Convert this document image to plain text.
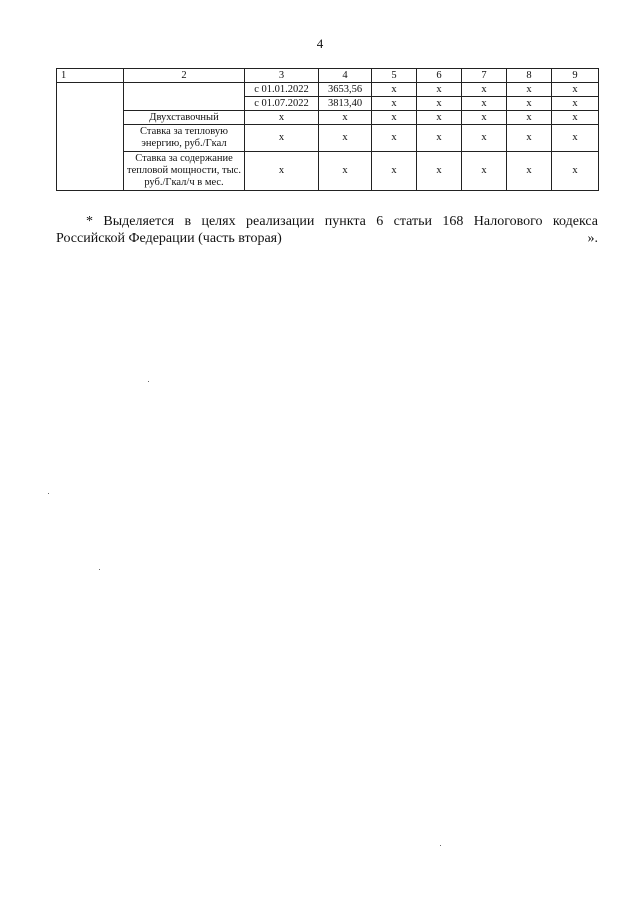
4
1	2	3	4	5	6	7	8	9
		с 01.01.2022	3653,56	x	x	x	x	x
		с 01.07.2022	3813,40	x	x	x	x	x
	Двухставочный	x	x	x	x	x	x	x
	Ставка за тепловую энергию, руб./Гкал	x	x	x	x	x	x	x
	Ставка за содержание тепловой мощности, тыс. руб./Гкал/ч в мес.	x	x	x	x	x	x	x
* Выделяется в целях реализации пункта 6 статьи 168 Налогового кодекса
Российской Федерации (часть вторая)	».
